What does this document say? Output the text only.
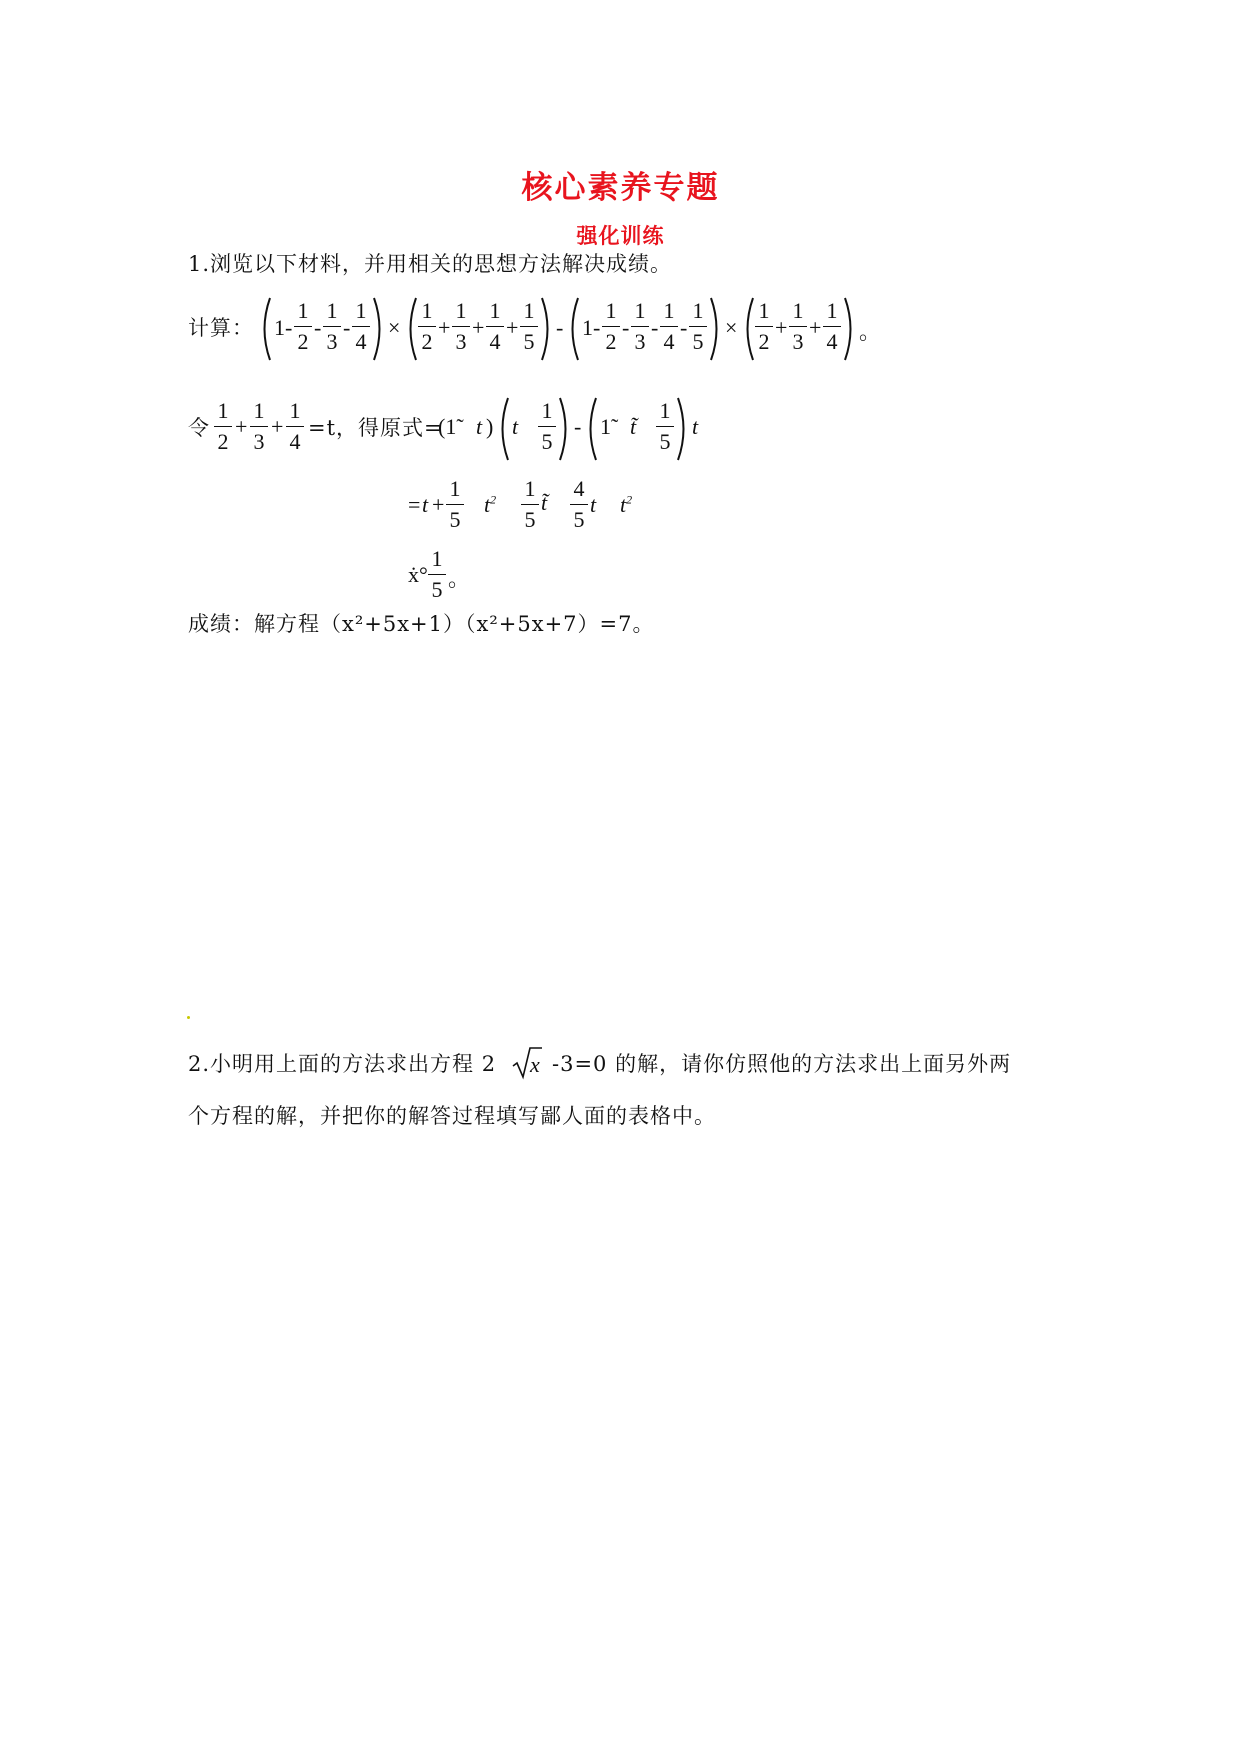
核心素养专题
强化训练
1.浏览以下材料，并用相关的思想方法解决成绩。
计算： 1-
1
2
-
1
3
-
1
4
×
1
2
+
1
3
+
1
4
+
1
5
- 1-
1
2
-
1
3
-
1
4
-
1
5
×
1
2
+
1
3
+
1
4 。
令
1
2
+
1
3
+
1
4
=t，得原式=
(1̃ t ) t
1
5
- 1̃ t̃
1
5
t
= t +
1
5
$t^2$ 1
5
t̃
4
5
t $t^2$
ẋ°
1
5 。
成绩：解方程（x²+5x+1）（x²+5x+7）=7。
2.小明用上面的方法求出方程 2 x -3=0 的解，请你仿照他的方法求出上面另外两
个方程的解，并把你的解答过程填写鄙人面的表格中。
